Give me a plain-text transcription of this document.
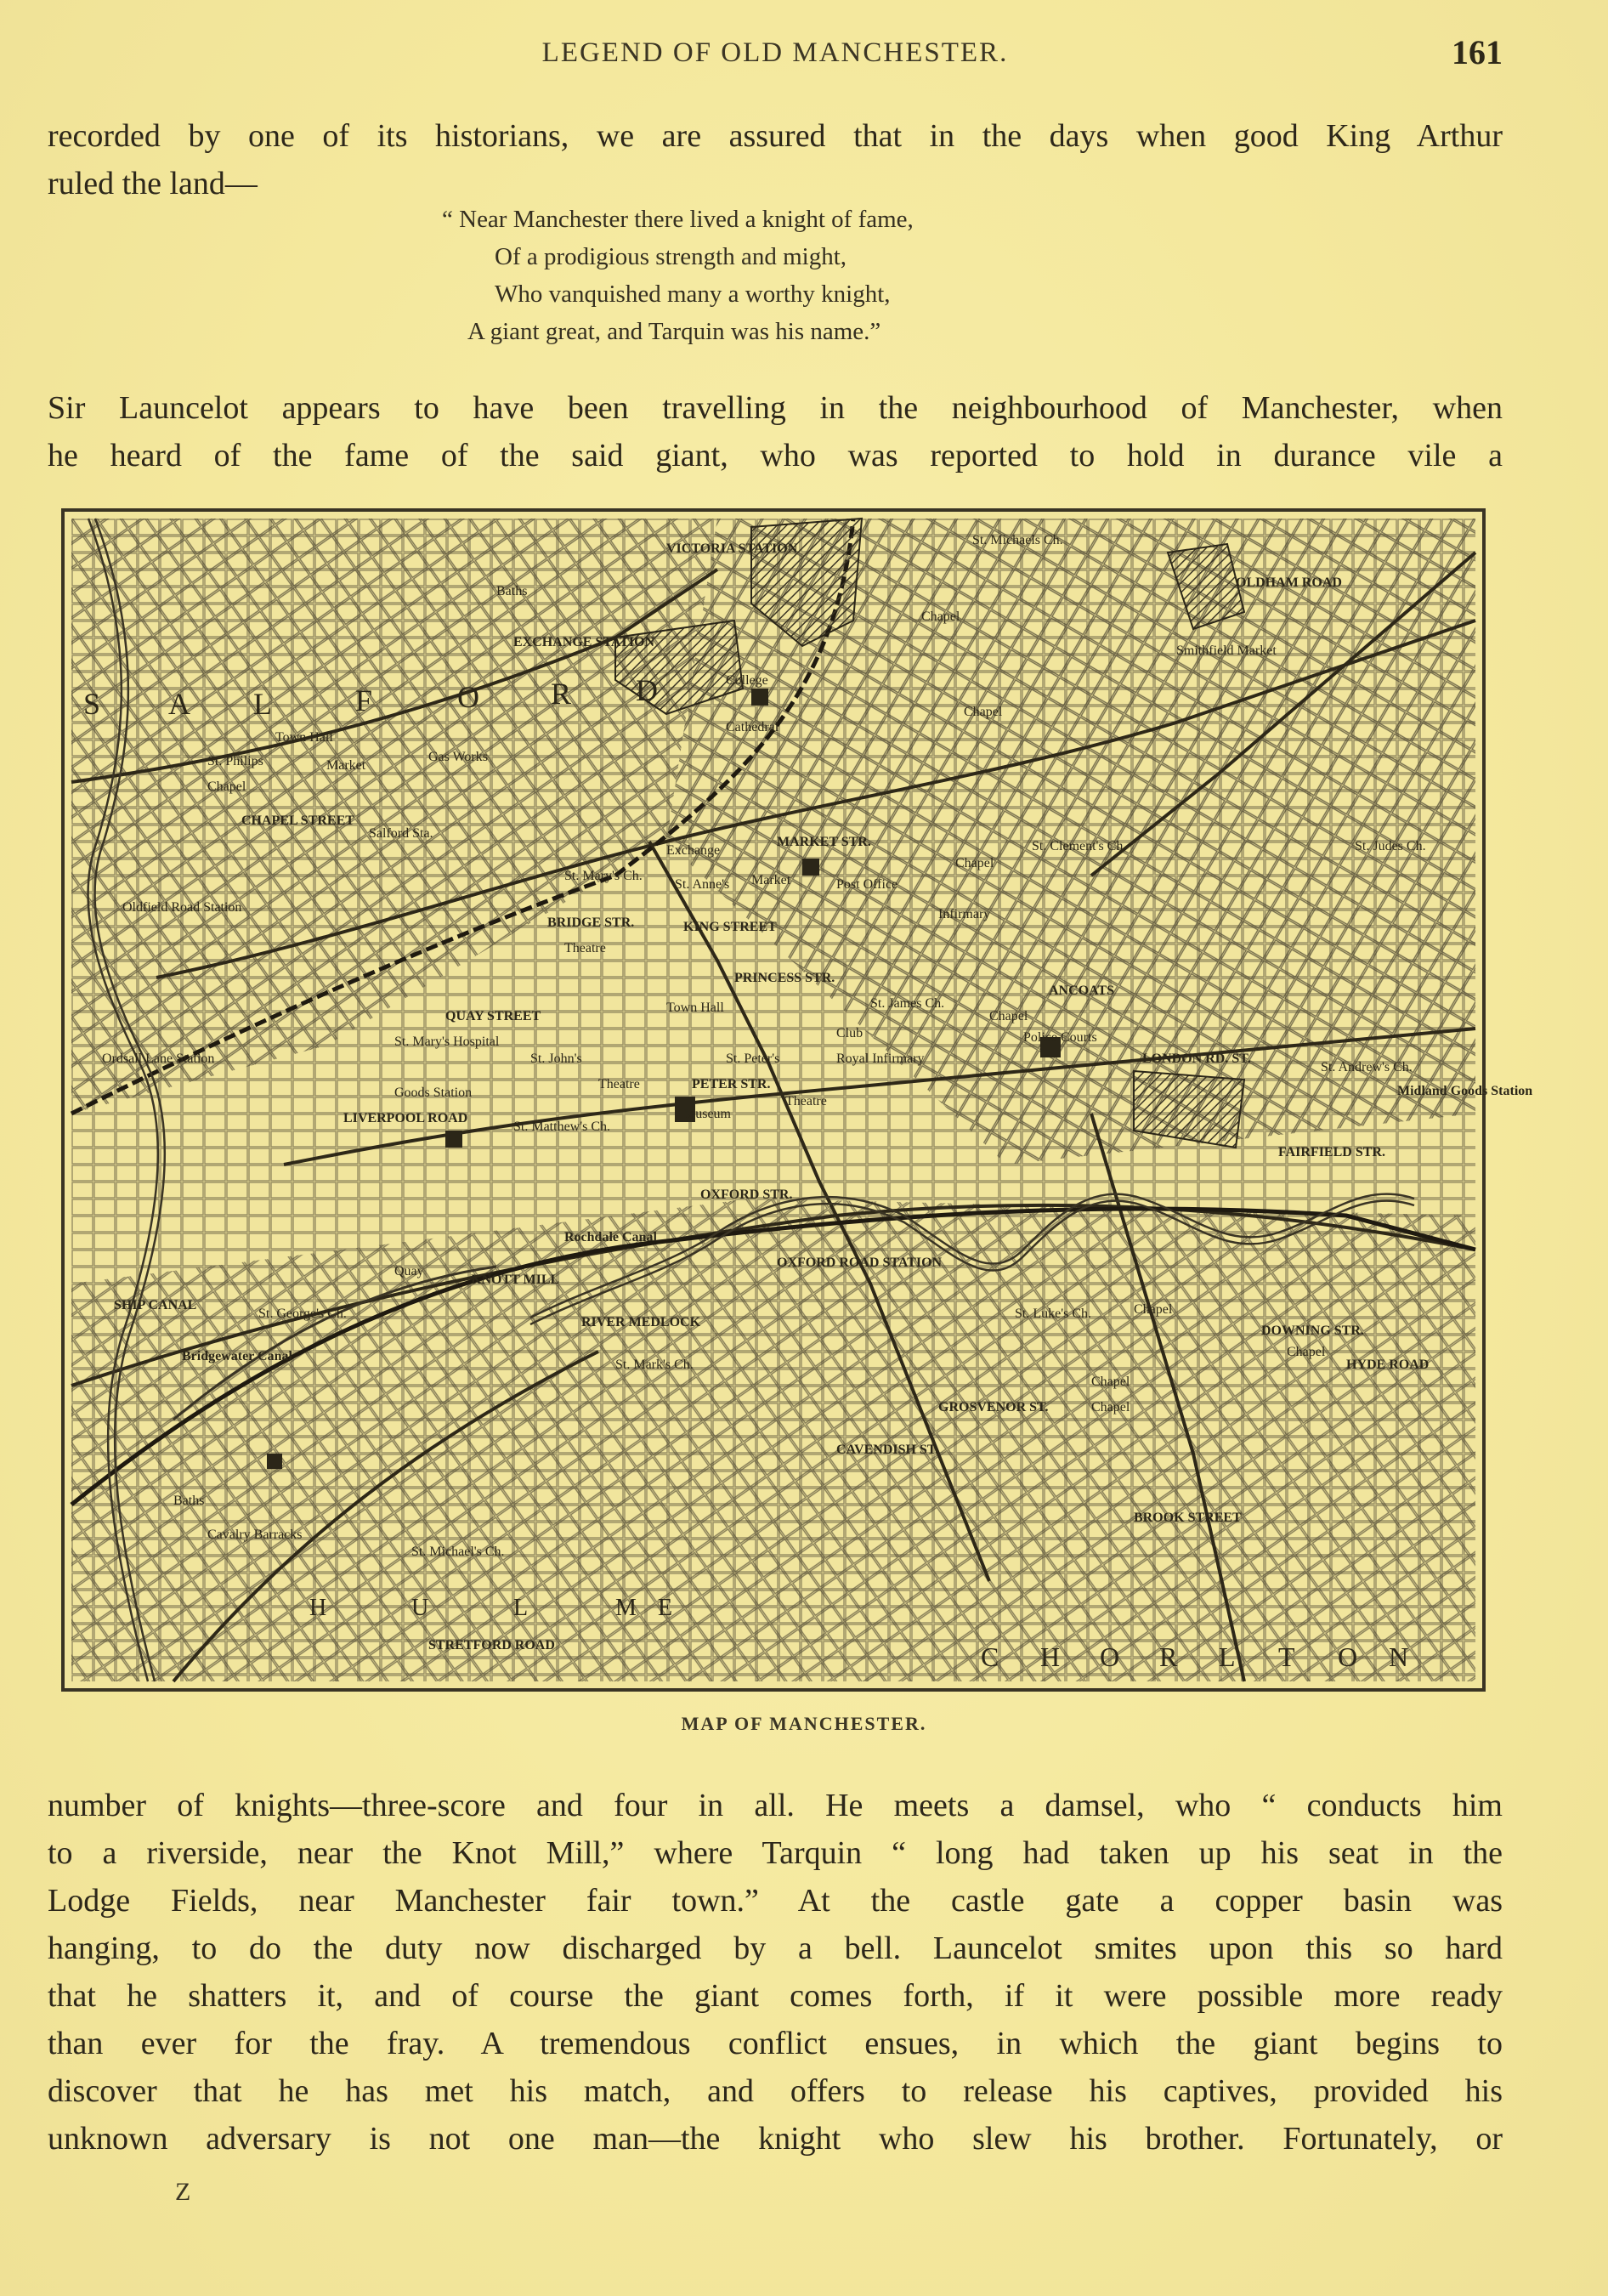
LEGEND OF OLD MANCHESTER.	161
recorded by one of its historians, we are assured that in the days when good King Arthur
ruled the land—
“ Near Manchester there lived a knight of fame,
Of a prodigious strength and might,
Who vanquished many a worthy knight,
A giant great, and Tarquin was his name.”
Sir Launcelot appears to have been travelling in the neighbourhood of Manchester, when
he heard of the fame of the said giant, who was reported to hold in durance vile a
S A L	F	O R D
C H O R L T O N
H	U	L	M E
VICTORIA STATION
EXCHANGE STATION
College
Cathedral
Town Hall
St. Philips	Market
Gas Works
Chapel
Salford Sta.
Oldfield Road Station
St. Mary's Ch.
Exchange
St. Anne's Market	Post Office
MARKET STR.
BRIDGE STR.
Theatre
KING STREET
Town Hall
PRINCESS STR.
St. James Ch.
Royal Infirmary
Infirmary
Club
Chapel
Chapel
Chapel
Chapel
Police Courts
St. Clement's Ch.	St. Judes Ch.
St. Michaels Ch.
Smithfield Market
ANCOATS
LONDON RD. ST.
St. Andrew's Ch.
Midland Goods Station
FAIRFIELD STR.
St. Mary's Hospital
St. John's
Theatre
St. Peter's
Museum
PETER STR.
Theatre
QUAY STREET
Ordsall Lane Station
Goods Station
LIVERPOOL ROAD
St. Matthew's Ch.
Rochdale Canal
OXFORD ROAD STATION
OXFORD STR.
KNOTT MILL
RIVER MEDLOCK
Quay
SHIP CANAL
Bridgewater Canal
St. George's Ch.
St. Mark's Ch.
St. Luke's Ch.	Chapel
Chapel
Chapel
Chapel
Baths
Baths
Cavalry Barracks
St. Michael's Ch.
CAVENDISH ST.
STRETFORD ROAD
GROSVENOR ST.
BROOK STREET
DOWNING STR.
HYDE ROAD
OLDHAM ROAD
CHAPEL STREET
MAP OF MANCHESTER.
number of knights—three-score and four in all. He meets a damsel, who “ conducts him
to a riverside, near the Knot Mill,” where Tarquin “ long had taken up his seat in the
Lodge Fields, near Manchester fair town.” At the castle gate a copper basin was
hanging, to do the duty now discharged by a bell. Launcelot smites upon this so hard
that he shatters it, and of course the giant comes forth, if it were possible more ready
than ever for the fray. A tremendous conflict ensues, in which the giant begins to
discover that he has met his match, and offers to release his captives, provided his
unknown adversary is not one man—the knight who slew his brother. Fortunately, or
Z
